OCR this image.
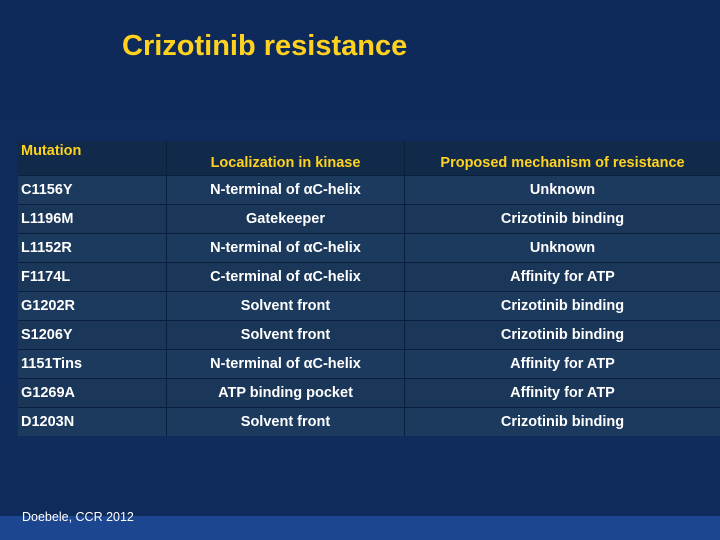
Crizotinib resistance
Mutation	Localization in kinase	Proposed mechanism of resistance
C1156Y	N-terminal of αC-helix	Unknown
L1196M	Gatekeeper	Crizotinib binding
L1152R	N-terminal of αC-helix	Unknown
F1174L	C-terminal of αC-helix	Affinity for ATP
G1202R	Solvent front	Crizotinib binding
S1206Y	Solvent front	Crizotinib binding
1151Tins	N-terminal of αC-helix	Affinity for ATP
G1269A	ATP binding pocket	Affinity for ATP
D1203N	Solvent front	Crizotinib binding
Doebele, CCR 2012
